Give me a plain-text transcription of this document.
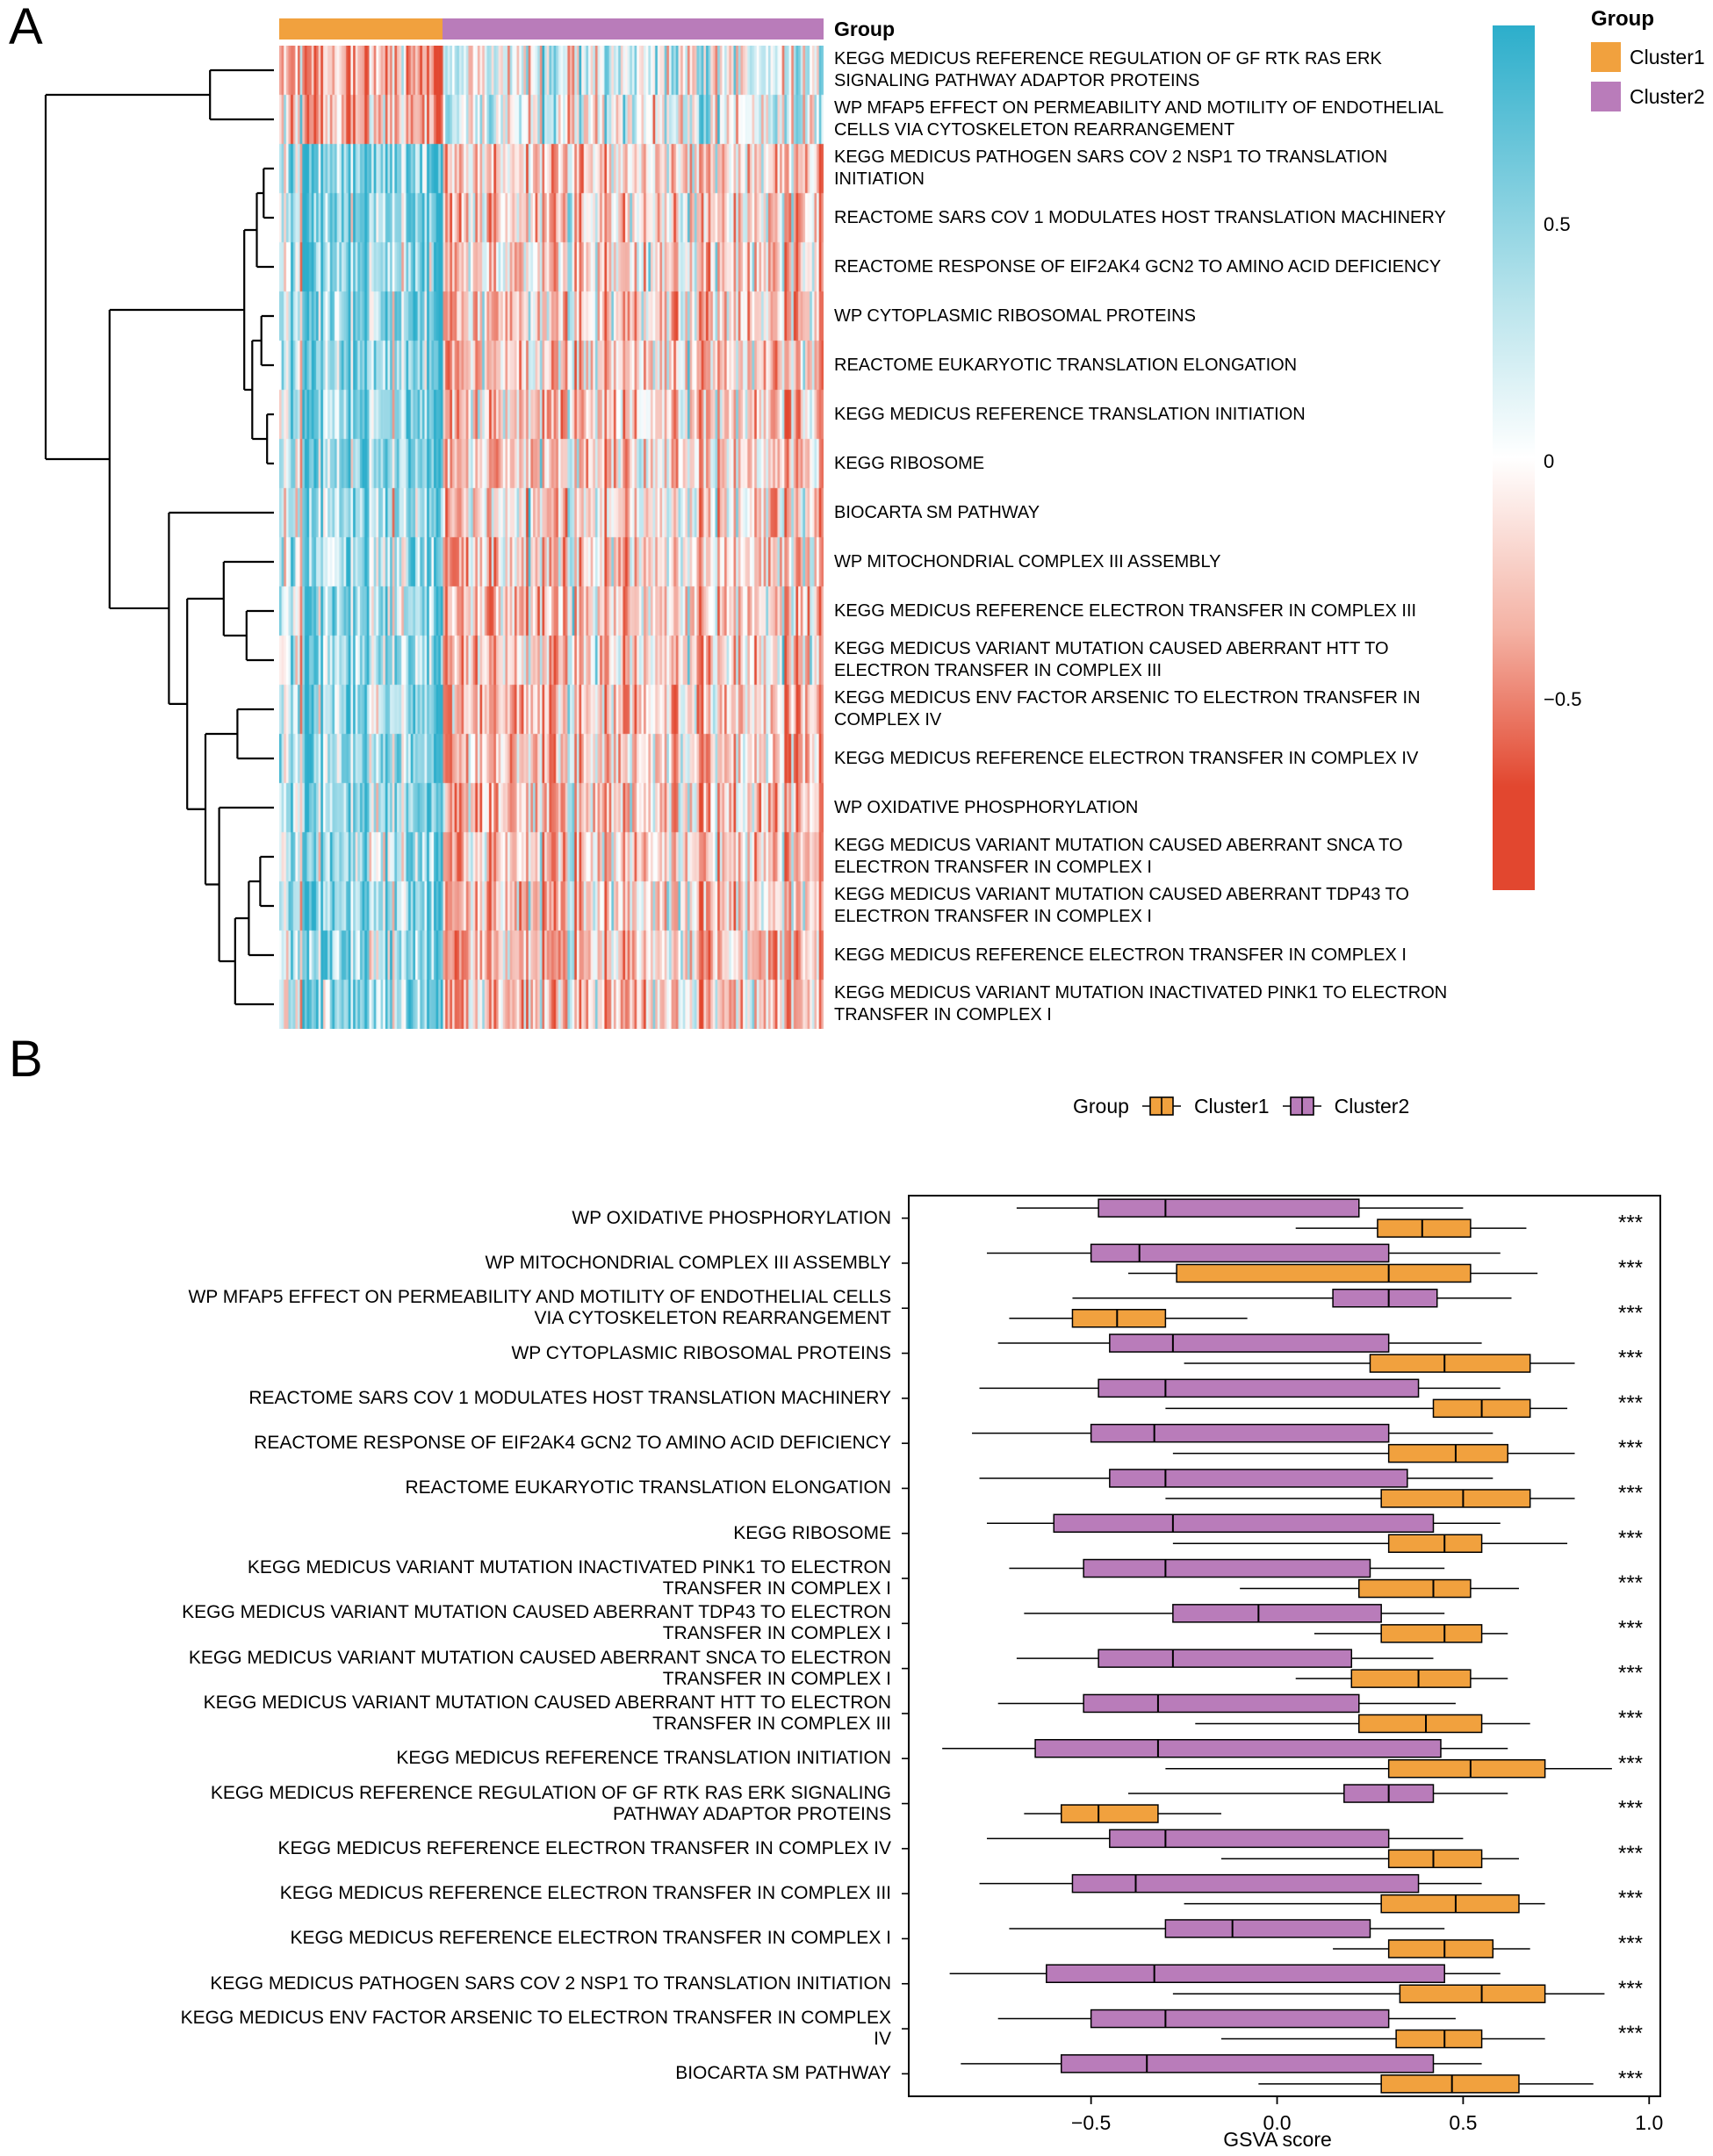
A	Group
KEGG MEDICUS REFERENCE REGULATION OF GF RTK RAS ERK SIGNALING PATHWAY ADAPTOR PROTEINS
WP MFAP5 EFFECT ON PERMEABILITY AND MOTILITY OF ENDOTHELIAL CELLS VIA CYTOSKELETON REARRANGEMENT
KEGG MEDICUS PATHOGEN SARS COV 2 NSP1 TO TRANSLATION INITIATION
REACTOME SARS COV 1 MODULATES HOST TRANSLATION MACHINERY
REACTOME RESPONSE OF EIF2AK4 GCN2 TO AMINO ACID DEFICIENCY
WP CYTOPLASMIC RIBOSOMAL PROTEINS
REACTOME EUKARYOTIC TRANSLATION ELONGATION
KEGG MEDICUS REFERENCE TRANSLATION INITIATION
KEGG RIBOSOME
BIOCARTA SM PATHWAY
WP MITOCHONDRIAL COMPLEX III ASSEMBLY
KEGG MEDICUS REFERENCE ELECTRON TRANSFER IN COMPLEX III
KEGG MEDICUS VARIANT MUTATION CAUSED ABERRANT HTT TO ELECTRON TRANSFER IN COMPLEX III
KEGG MEDICUS ENV FACTOR ARSENIC TO ELECTRON TRANSFER IN COMPLEX IV
KEGG MEDICUS REFERENCE ELECTRON TRANSFER IN COMPLEX IV
WP OXIDATIVE PHOSPHORYLATION
KEGG MEDICUS VARIANT MUTATION CAUSED ABERRANT SNCA TO ELECTRON TRANSFER IN COMPLEX I
KEGG MEDICUS VARIANT MUTATION CAUSED ABERRANT TDP43 TO ELECTRON TRANSFER IN COMPLEX I
KEGG MEDICUS REFERENCE ELECTRON TRANSFER IN COMPLEX I
KEGG MEDICUS VARIANT MUTATION INACTIVATED PINK1 TO ELECTRON TRANSFER IN COMPLEX I
0.5
0
−0.5
Group
Cluster1
Cluster2
B
Group	Cluster1	Cluster2
WP OXIDATIVE PHOSPHORYLATION
WP MITOCHONDRIAL COMPLEX III ASSEMBLY
WP MFAP5 EFFECT ON PERMEABILITY AND MOTILITY OF ENDOTHELIAL CELLS VIA CYTOSKELETON REARRANGEMENT
WP CYTOPLASMIC RIBOSOMAL PROTEINS
REACTOME SARS COV 1 MODULATES HOST TRANSLATION MACHINERY
REACTOME RESPONSE OF EIF2AK4 GCN2 TO AMINO ACID DEFICIENCY
REACTOME EUKARYOTIC TRANSLATION ELONGATION
KEGG RIBOSOME
KEGG MEDICUS VARIANT MUTATION INACTIVATED PINK1 TO ELECTRON TRANSFER IN COMPLEX I
KEGG MEDICUS VARIANT MUTATION CAUSED ABERRANT TDP43 TO ELECTRON TRANSFER IN COMPLEX I
KEGG MEDICUS VARIANT MUTATION CAUSED ABERRANT SNCA TO ELECTRON TRANSFER IN COMPLEX I
KEGG MEDICUS VARIANT MUTATION CAUSED ABERRANT HTT TO ELECTRON TRANSFER IN COMPLEX III
KEGG MEDICUS REFERENCE TRANSLATION INITIATION
KEGG MEDICUS REFERENCE REGULATION OF GF RTK RAS ERK SIGNALING PATHWAY ADAPTOR PROTEINS
KEGG MEDICUS REFERENCE ELECTRON TRANSFER IN COMPLEX IV
KEGG MEDICUS REFERENCE ELECTRON TRANSFER IN COMPLEX III
KEGG MEDICUS REFERENCE ELECTRON TRANSFER IN COMPLEX I
KEGG MEDICUS PATHOGEN SARS COV 2 NSP1 TO TRANSLATION INITIATION
KEGG MEDICUS ENV FACTOR ARSENIC TO ELECTRON TRANSFER IN COMPLEX IV
BIOCARTA SM PATHWAY
***
***
***
***
***
***
***
***
***
***
***
***
***
***
***
***
***
***
***
***
−0.5	0.0	0.5	1.0
GSVA score
